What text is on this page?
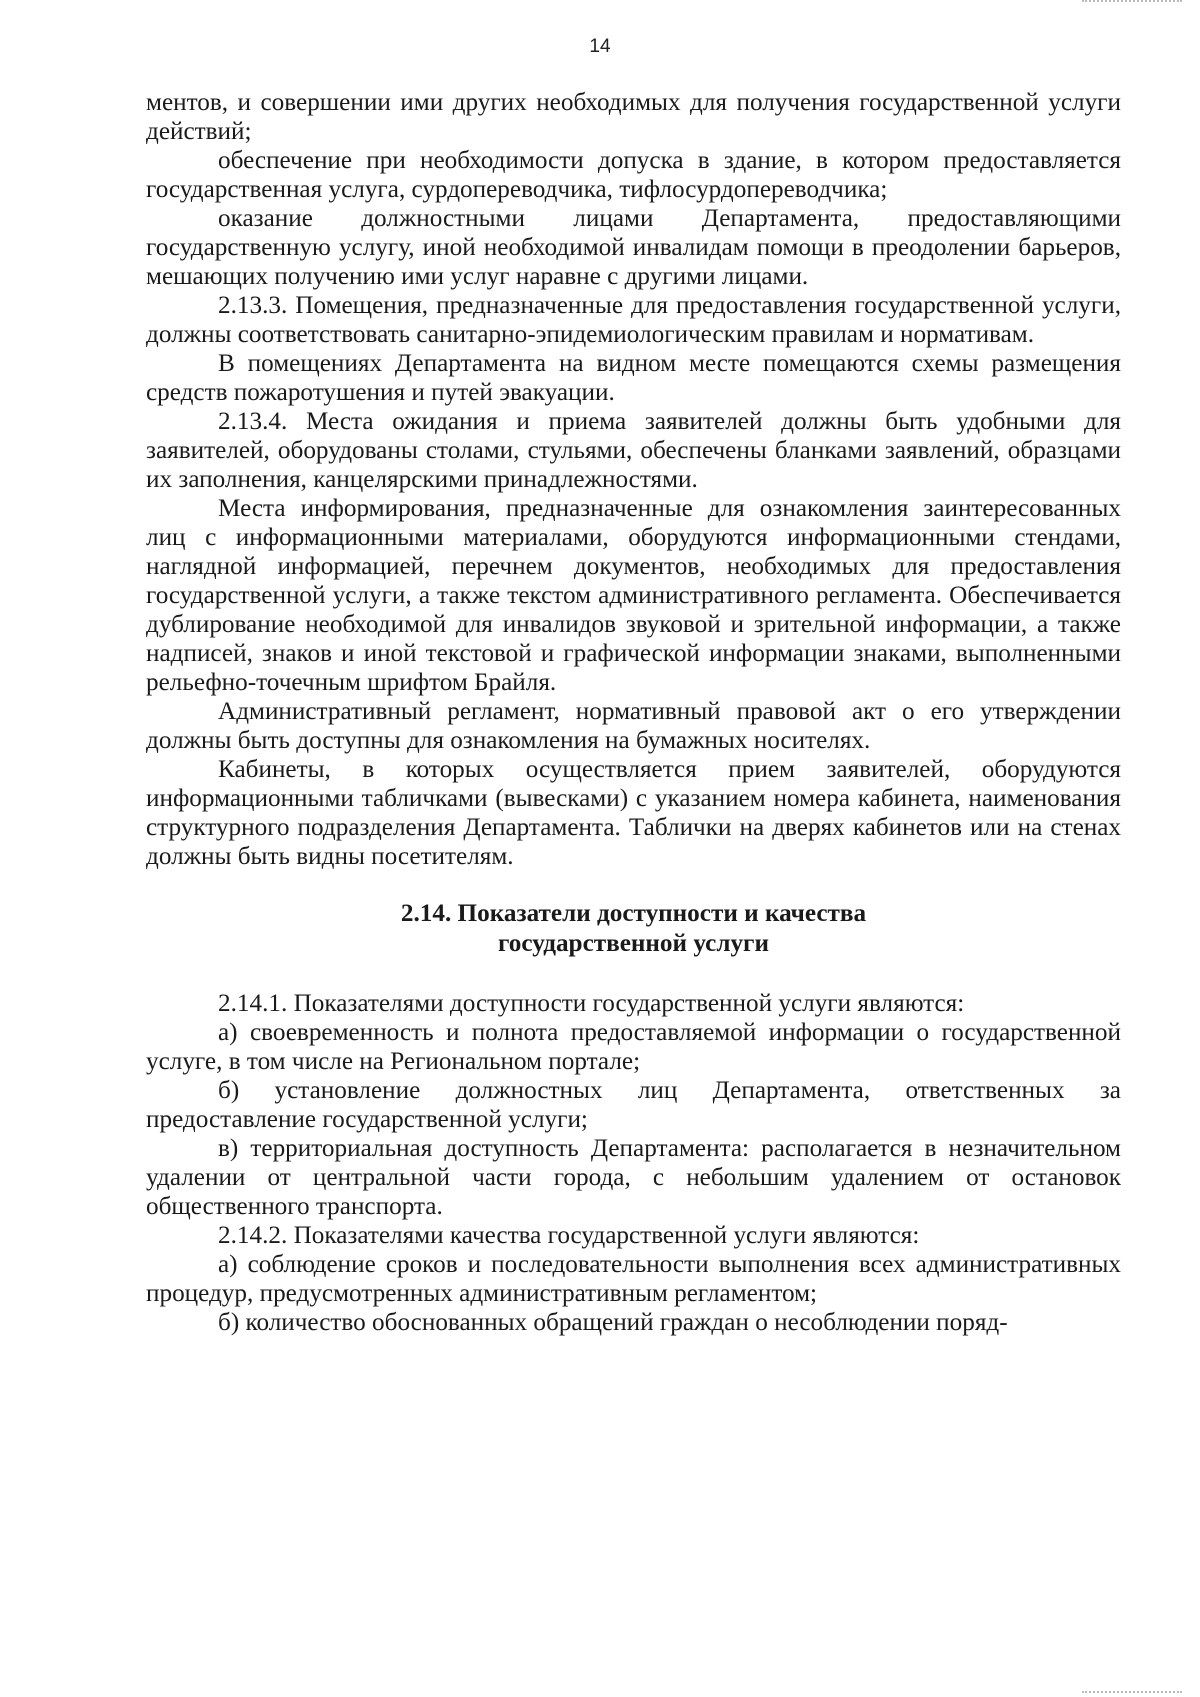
14

ментов, и совершении ими других необходимых для получения государственной услуги действий;

обеспечение при необходимости допуска в здание, в котором предоставляется государственная услуга, сурдопереводчика, тифлосурдопереводчика;

оказание должностными лицами Департамента, предоставляющими государственную услугу, иной необходимой инвалидам помощи в преодолении барьеров, мешающих получению ими услуг наравне с другими лицами.

2.13.3. Помещения, предназначенные для предоставления государственной услуги, должны соответствовать санитарно-эпидемиологическим правилам и нормативам.

В помещениях Департамента на видном месте помещаются схемы размещения средств пожаротушения и путей эвакуации.

2.13.4. Места ожидания и приема заявителей должны быть удобными для заявителей, оборудованы столами, стульями, обеспечены бланками заявлений, образцами их заполнения, канцелярскими принадлежностями.

Места информирования, предназначенные для ознакомления заинтересованных лиц с информационными материалами, оборудуются информационными стендами, наглядной информацией, перечнем документов, необходимых для предоставления государственной услуги, а также текстом административного регламента. Обеспечивается дублирование необходимой для инвалидов звуковой и зрительной информации, а также надписей, знаков и иной текстовой и графической информации знаками, выполненными рельефно-точечным шрифтом Брайля.

Административный регламент, нормативный правовой акт о его утверждении должны быть доступны для ознакомления на бумажных носителях.

Кабинеты, в которых осуществляется прием заявителей, оборудуются информационными табличками (вывесками) с указанием номера кабинета, наименования структурного подразделения Департамента. Таблички на дверях кабинетов или на стенах должны быть видны посетителям.

2.14. Показатели доступности и качества
государственной услуги

2.14.1. Показателями доступности государственной услуги являются:

а) своевременность и полнота предоставляемой информации о государственной услуге, в том числе на Региональном портале;

б) установление должностных лиц Департамента, ответственных за предоставление государственной услуги;

в) территориальная доступность Департамента: располагается в незначительном удалении от центральной части города, с небольшим удалением от остановок общественного транспорта.

2.14.2. Показателями качества государственной услуги являются:

а) соблюдение сроков и последовательности выполнения всех административных процедур, предусмотренных административным регламентом;

б) количество обоснованных обращений граждан о несоблюдении поряд-
